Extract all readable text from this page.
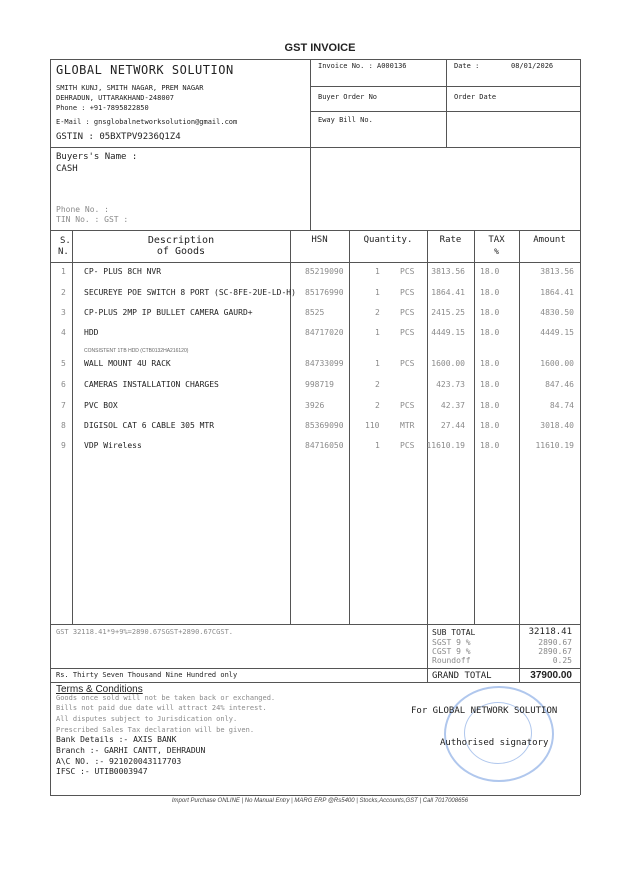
GST INVOICE
GLOBAL NETWORK SOLUTION
SMITH KUNJ, SMITH NAGAR, PREM NAGAR
DEHRADUN, UTTARAKHAND-248007
Phone : +91-7895822850
E-Mail : gnsglobalnetworksolution@gmail.com
GSTIN : 05BXTPV9236Q1Z4
Invoice No. : A000136	Date :	08/01/2026
Buyer Order No	Order Date
Eway Bill No.
Buyers's Name :
CASH
Phone No. :
TIN No. : GST :
S.
N.
Description
of Goods
HSN	Quantity.	Rate	TAX
%
Amount
1 CP- PLUS 8CH NVR	85219090	1	PCS 3813.56 18.0	3813.56
2 SECUREYE POE SWITCH 8 PORT (SC-8FE-2UE-LD-H) 85176990	1	PCS 1864.41 18.0	1864.41
3 CP-PLUS 2MP IP BULLET CAMERA GAURD+	8525	2	PCS 2415.25 18.0	4830.50
4 HDD	84717020	1	PCS 4449.15 18.0	4449.15
CONSISTENT 1TB HDD (CTB0132HA216120)
5 WALL MOUNT 4U RACK	84733099	1	PCS 1600.00 18.0	1600.00
6 CAMERAS INSTALLATION CHARGES	998719	2	423.73 18.0	847.46
7 PVC BOX	3926	2	PCS	42.37 18.0	84.74
8 DIGISOL CAT 6 CABLE 305 MTR	85369090	110	MTR	27.44 18.0	3018.40
9 VDP Wireless	84716050	1	PCS 11610.19 18.0	11610.19
GST 32118.41*9+9%=2890.67SGST+2890.67CGST.	SUB TOTAL	32118.41
SGST 9 %	2890.67
CGST 9 %	2890.67
Roundoff	0.25
GRAND TOTAL	37900.00
Rs. Thirty Seven Thousand Nine Hundred only
Terms & Conditions
Goods once sold will not be taken back or exchanged.
Bills not paid due date will attract 24% interest.
All disputes subject to Jurisdication only.
Prescribed Sales Tax declaration will be given.
Bank Details :- AXIS BANK
Branch :- GARHI CANTT, DEHRADUN
A\C NO. :- 921020043117703
IFSC :- UTIB0003947
For GLOBAL NETWORK SOLUTION
Authorised signatory
Import Purchase ONLINE | No Manual Entry | MARG ERP @Rs5400 | Stocks,Accounts,GST | Call 7017008656
